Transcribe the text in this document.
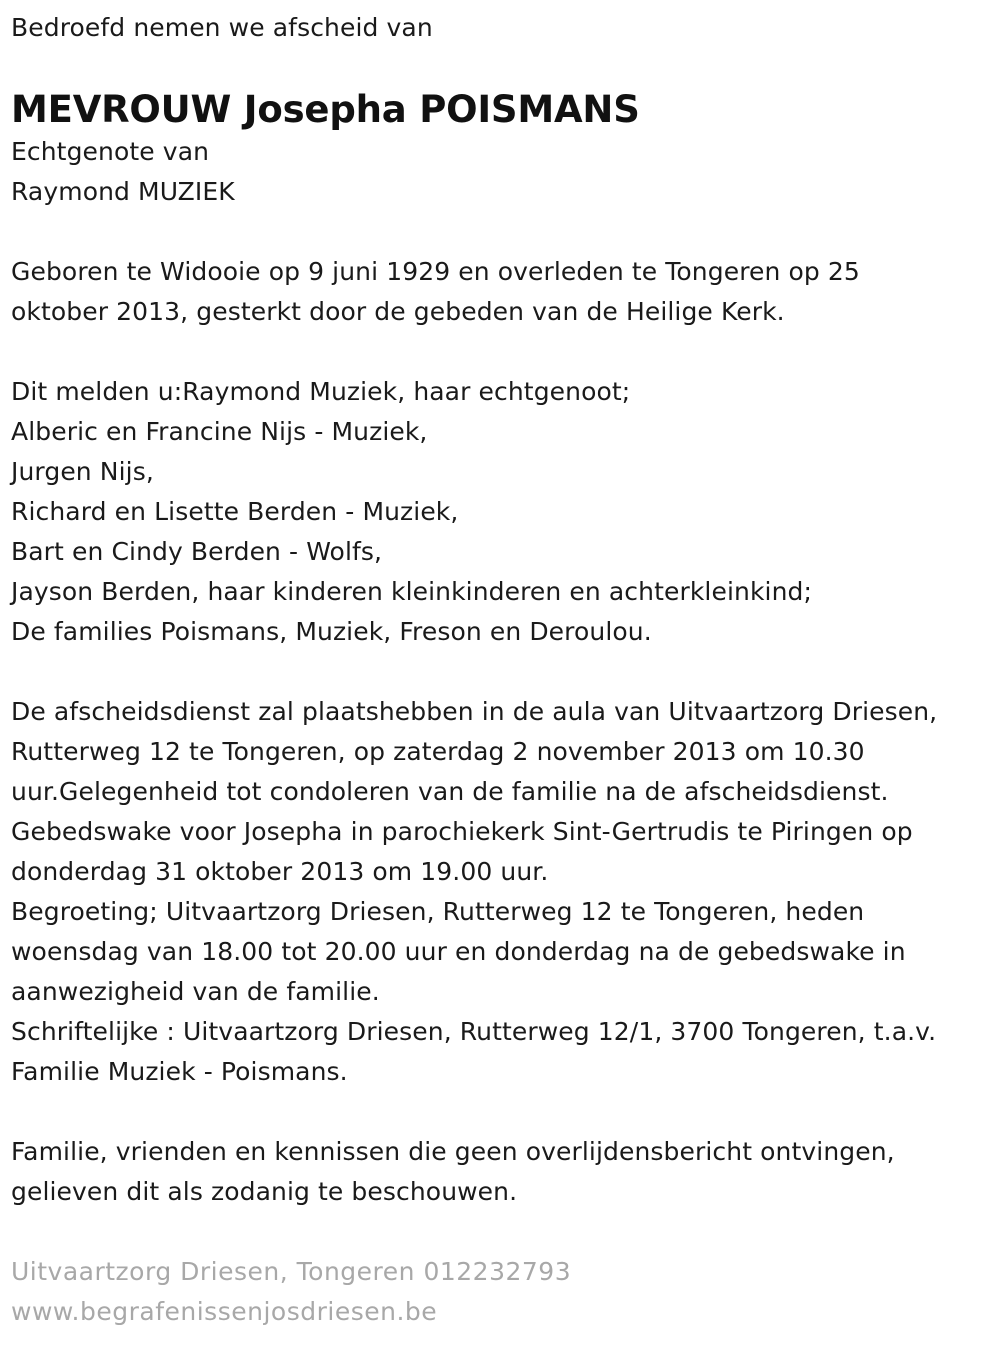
Bedroefd nemen we afscheid van
MEVROUW Josepha POISMANS
Echtgenote van
Raymond MUZIEK
Geboren te Widooie op 9 juni 1929 en overleden te Tongeren op 25
oktober 2013, gesterkt door de gebeden van de Heilige Kerk.
Dit melden u:Raymond Muziek, haar echtgenoot;
Alberic en Francine Nijs - Muziek,
Jurgen Nijs,
Richard en Lisette Berden - Muziek,
Bart en Cindy Berden - Wolfs,
Jayson Berden, haar kinderen kleinkinderen en achterkleinkind;
De families Poismans, Muziek, Freson en Deroulou.
De afscheidsdienst zal plaatshebben in de aula van Uitvaartzorg Driesen,
Rutterweg 12 te Tongeren, op zaterdag 2 november 2013 om 10.30
uur.Gelegenheid tot condoleren van de familie na de afscheidsdienst.
Gebedswake voor Josepha in parochiekerk Sint-Gertrudis te Piringen op
donderdag 31 oktober 2013 om 19.00 uur.
Begroeting; Uitvaartzorg Driesen, Rutterweg 12 te Tongeren, heden
woensdag van 18.00 tot 20.00 uur en donderdag na de gebedswake in
aanwezigheid van de familie.
Schriftelijke : Uitvaartzorg Driesen, Rutterweg 12/1, 3700 Tongeren, t.a.v.
Familie Muziek - Poismans.
Familie, vrienden en kennissen die geen overlijdensbericht ontvingen,
gelieven dit als zodanig te beschouwen.
Uitvaartzorg Driesen, Tongeren 012232793
www.begrafenissenjosdriesen.be
